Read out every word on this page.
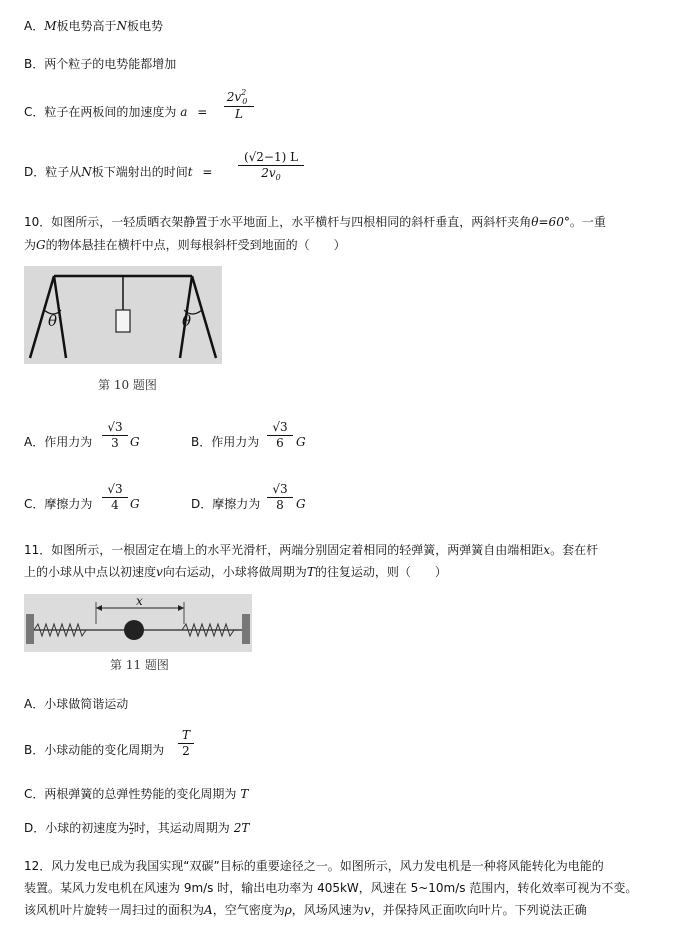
A．M板电势高于N板电势
B．两个粒子的电势能都增加
C．粒子在两板间的加速度为 a =
$2v^2_0$
L
D．粒子从N板下端射出的时间t =
(√2−1) L
$2v_0$
10．如图所示，一轻质晒衣架静置于水平地面上，水平横杆与四根相同的斜杆垂直，两斜杆夹角θ=60°。一重
为G的物体悬挂在横杆中点，则每根斜杆受到地面的（　　）
θ	θ
第 10 题图
A．作用力为
√3
3 G	B．作用力为
√3
6	G
C．摩擦力为
√3
4 G	D．摩擦力为
√3
8	G
11．如图所示，一根固定在墙上的水平光滑杆，两端分别固定着相同的轻弹簧，两弹簧自由端相距x。套在杆
上的小球从中点以初速度v向右运动，小球将做周期为T的往复运动，则（　　）
x
第 11 题图
A．小球做简谐运动
B．小球动能的变化周期为
T
2
C．两根弹簧的总弹性势能的变化周期为 T
D．小球的初速度为 $\frac{v}{2}$ 时，其运动周期为 2T
12．风力发电已成为我国实现“双碳”目标的重要途径之一。如图所示，风力发电机是一种将风能转化为电能的
装置。某风力发电机在风速为 9m/s 时，输出电功率为 405kW，风速在 5~10m/s 范围内，转化效率可视为不变。
该风机叶片旋转一周扫过的面积为A，空气密度为ρ，风场风速为v，并保持风正面吹向叶片。下列说法正确
